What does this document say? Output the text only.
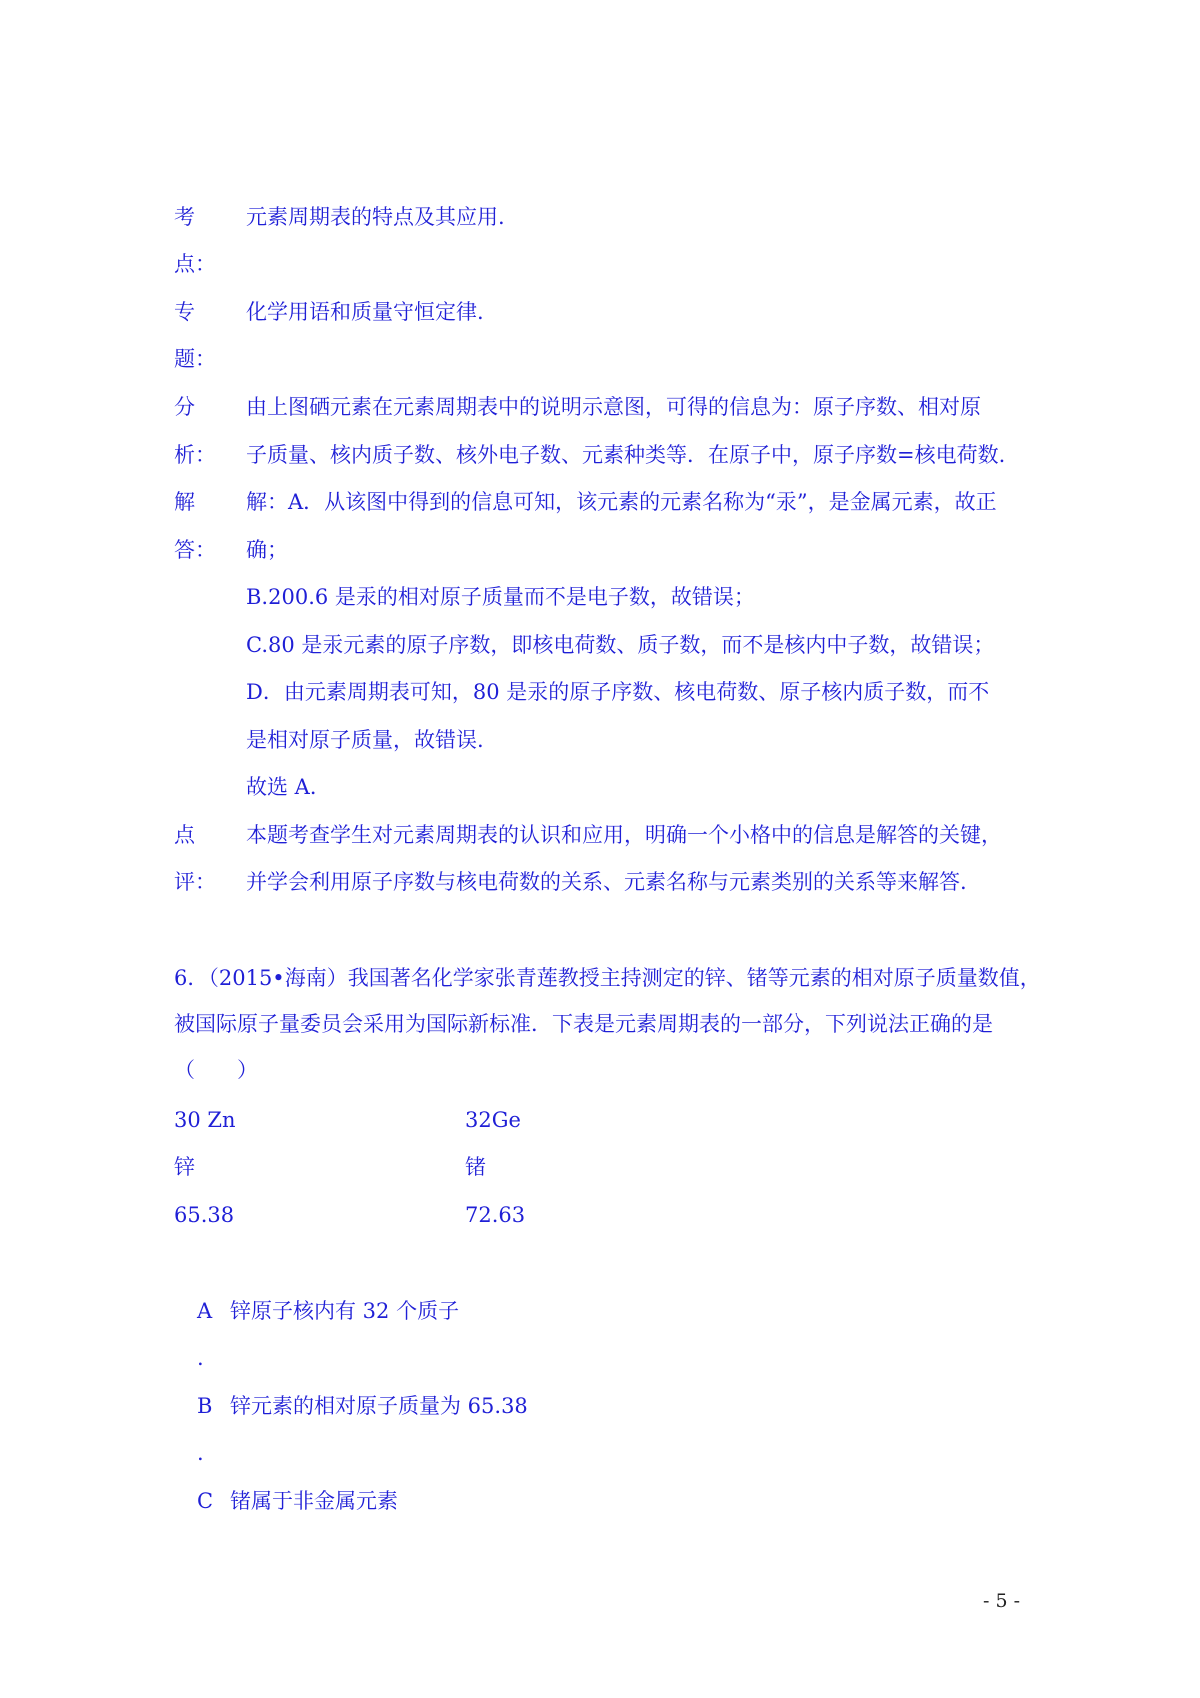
考 元素周期表的特点及其应用.
点：
专 化学用语和质量守恒定律.
题：
分 由上图硒元素在元素周期表中的说明示意图，可得的信息为：原子序数、相对原
析： 子质量、核内质子数、核外电子数、元素种类等．在原子中，原子序数=核电荷数.
解 解：A．从该图中得到的信息可知，该元素的元素名称为“汞”，是金属元素，故正
答： 确；
B.200.6 是汞的相对原子质量而不是电子数，故错误；
C.80 是汞元素的原子序数，即核电荷数、质子数，而不是核内中子数，故错误；
D．由元素周期表可知，80 是汞的原子序数、核电荷数、原子核内质子数，而不
是相对原子质量，故错误.
故选 A．
点 本题考查学生对元素周期表的认识和应用，明确一个小格中的信息是解答的关键，
评： 并学会利用原子序数与核电荷数的关系、元素名称与元素类别的关系等来解答.
6．（2015•海南）我国著名化学家张青莲教授主持测定的锌、锗等元素的相对原子质量数值，
被国际原子量委员会采用为国际新标准．下表是元素周期表的一部分，下列说法正确的是
（　　）
30 Zn	32Ge
锌	锗
65.38	72.63
A 锌原子核内有 32 个质子
.
B 锌元素的相对原子质量为 65.38
.
C 锗属于非金属元素
- 5 -
